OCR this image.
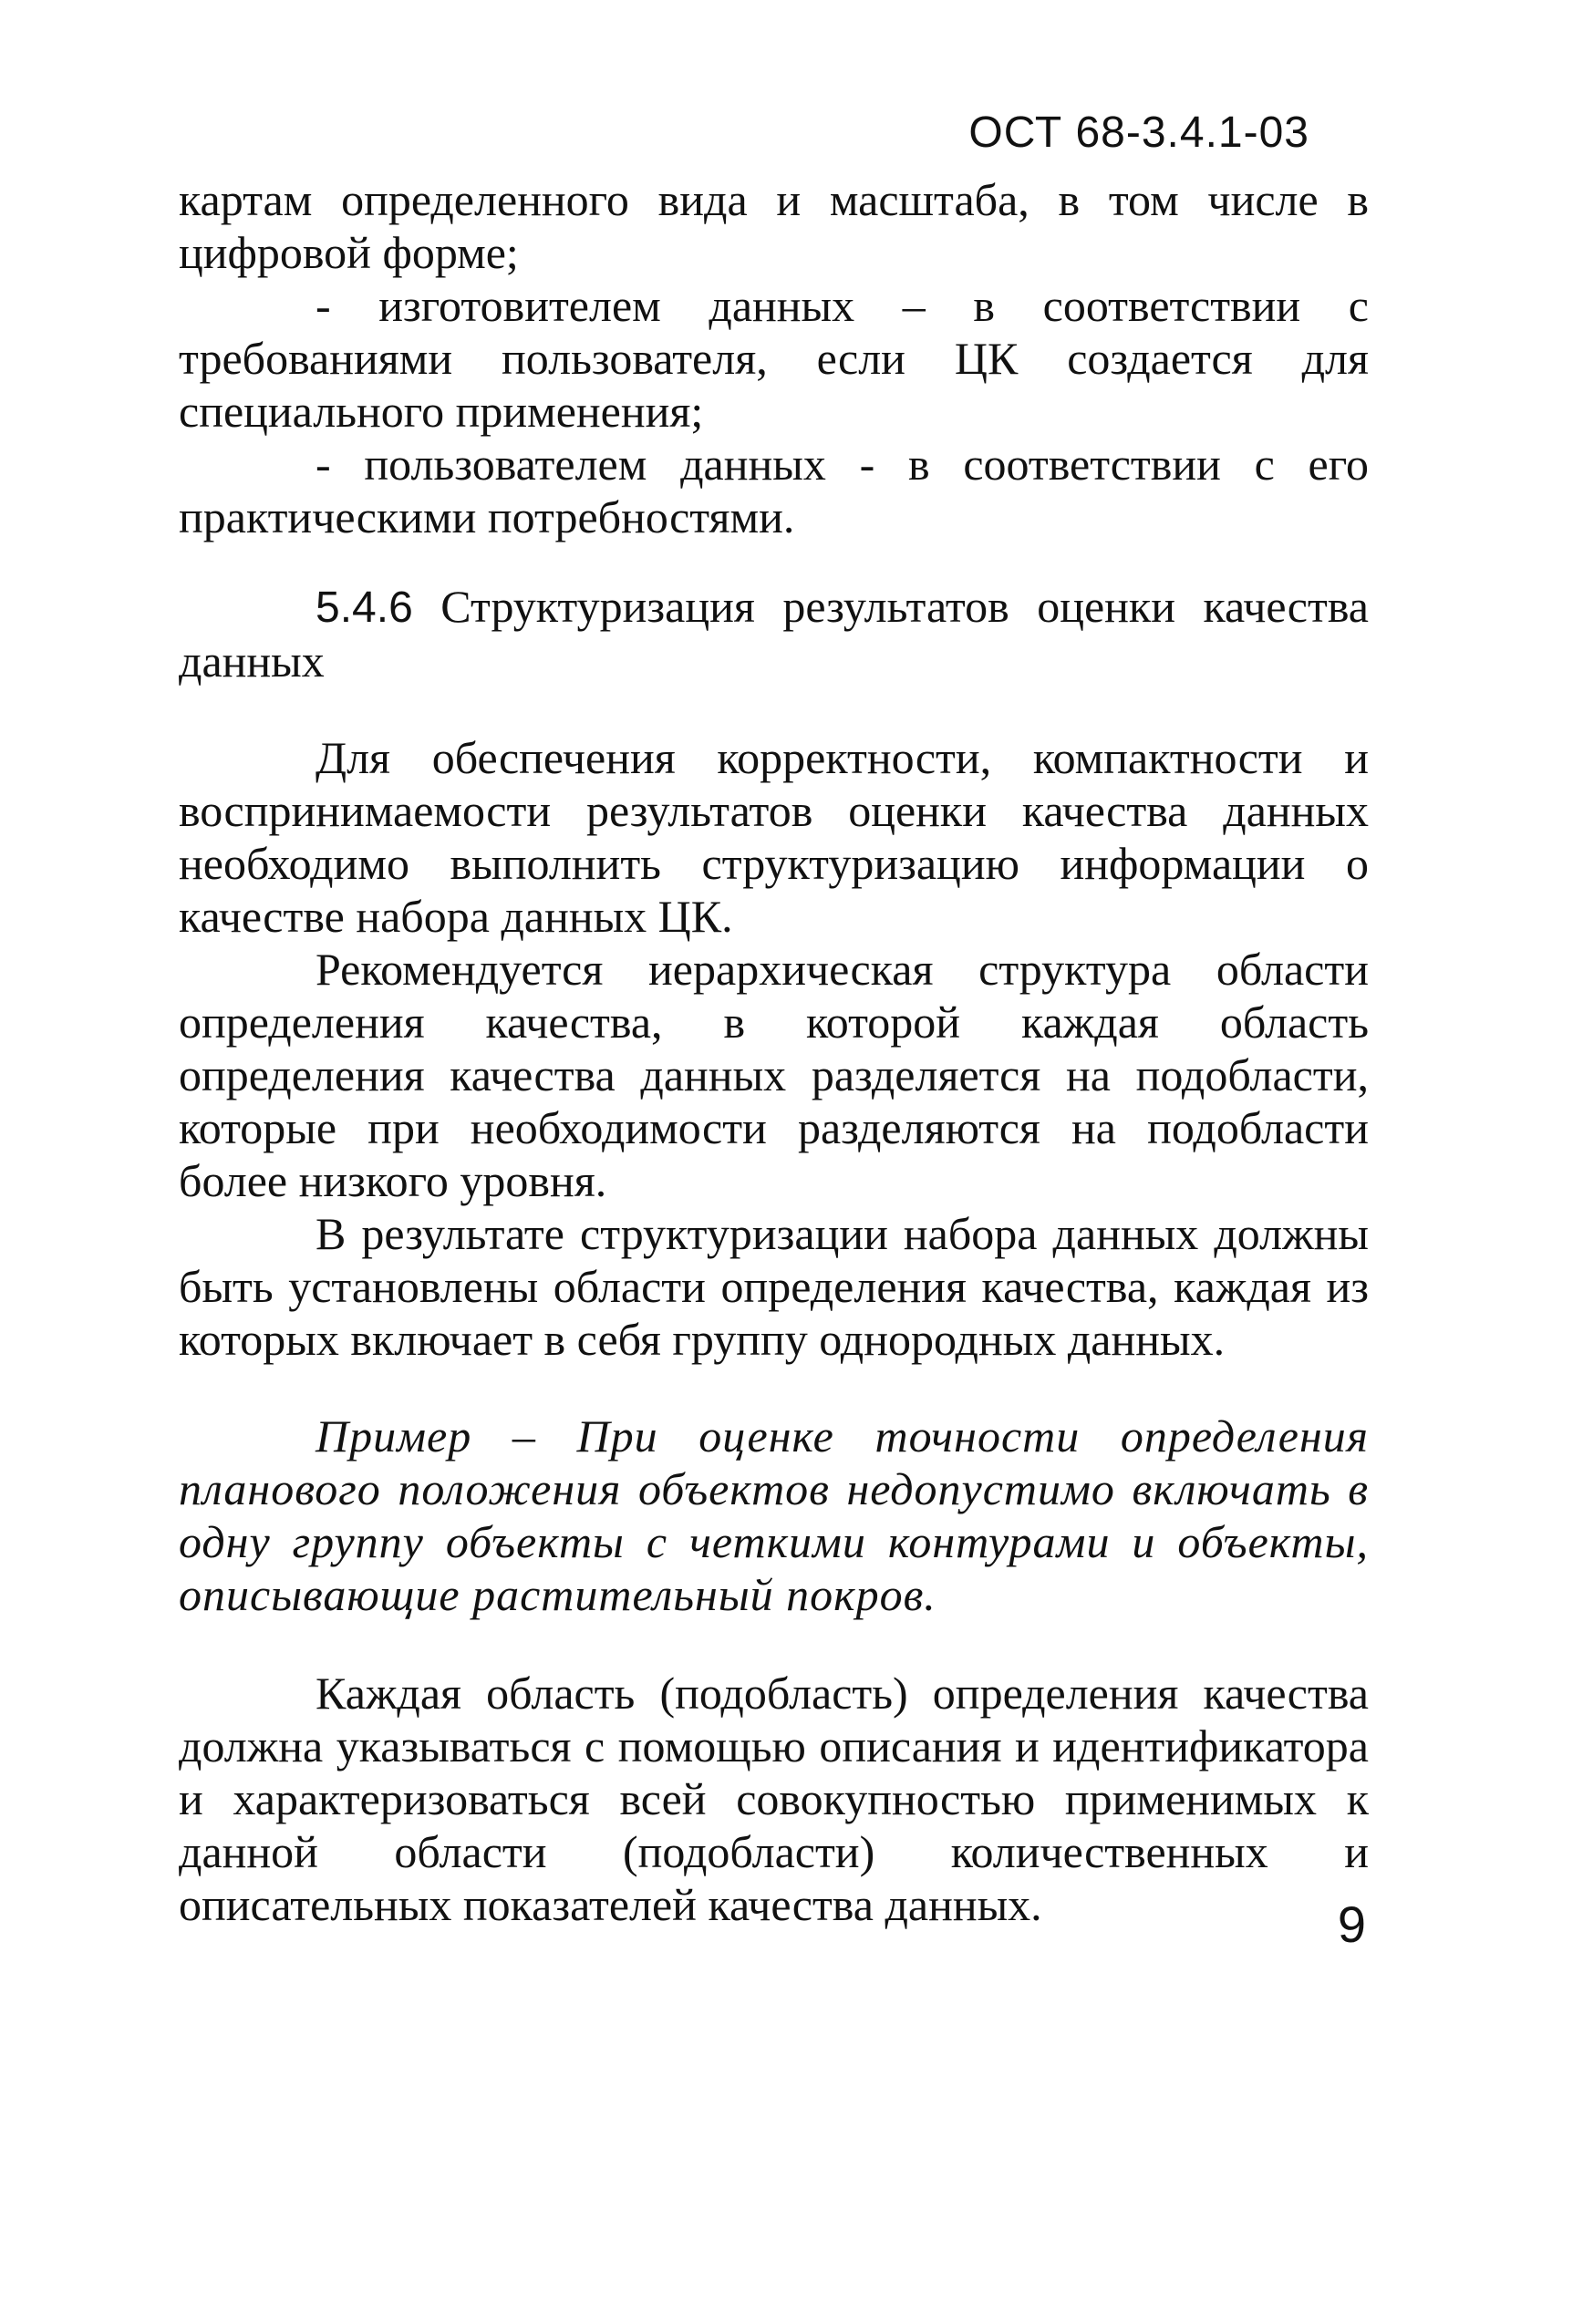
ОСТ 68-3.4.1-03

картам определенного вида и масштаба, в том числе в цифровой форме;

- изготовителем данных – в соответствии с требованиями пользователя, если ЦК создается для специального применения;

- пользователем данных - в соответствии с его практическими потребностями.

5.4.6 Структуризация результатов оценки качества данных

Для обеспечения корректности, компактности и воспринимаемости результатов оценки качества данных необходимо выполнить структуризацию информации о качестве набора данных ЦК.

Рекомендуется иерархическая структура области определения качества, в которой каждая область определения качества данных разделяется на подобласти, которые при необходимости разделяются на подобласти более низкого уровня.

В результате структуризации набора данных должны быть установлены области определения качества, каждая из которых включает в себя группу однородных данных.

Пример – При оценке точности определения планового положения объектов недопустимо включать в одну группу объекты с четкими контурами и объекты, описывающие растительный покров.

Каждая область (подобласть) определения качества должна указываться с помощью описания и идентификатора и характеризоваться всей совокупностью применимых к данной области (подобласти) количественных и описательных показателей качества данных.	9
